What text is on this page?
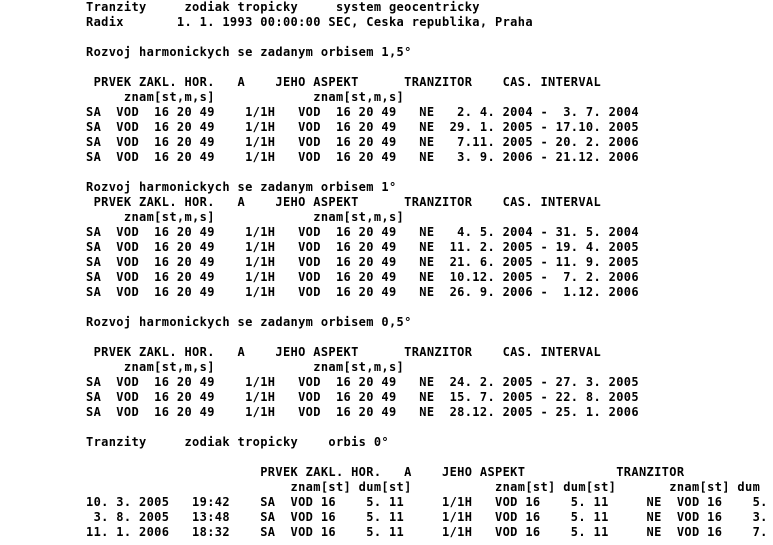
Tranzity     zodiak tropicky     system geocentricky
Radix       1. 1. 1993 00:00:00 SEC, Ceska republika, Praha
Rozvoj harmonickych se zadanym orbisem 1,5°
PRVEK ZAKL. HOR.   A    JEHO ASPEKT      TRANZITOR    CAS. INTERVAL
znam[st,m,s]             znam[st,m,s]
SA  VOD  16 20 49    1/1H   VOD  16 20 49   NE   2. 4. 2004 -  3. 7. 2004
SA  VOD  16 20 49    1/1H   VOD  16 20 49   NE  29. 1. 2005 - 17.10. 2005
SA  VOD  16 20 49    1/1H   VOD  16 20 49   NE   7.11. 2005 - 20. 2. 2006
SA  VOD  16 20 49    1/1H   VOD  16 20 49   NE   3. 9. 2006 - 21.12. 2006
Rozvoj harmonickych se zadanym orbisem 1°
PRVEK ZAKL. HOR.   A    JEHO ASPEKT      TRANZITOR    CAS. INTERVAL
znam[st,m,s]             znam[st,m,s]
SA  VOD  16 20 49    1/1H   VOD  16 20 49   NE   4. 5. 2004 - 31. 5. 2004
SA  VOD  16 20 49    1/1H   VOD  16 20 49   NE  11. 2. 2005 - 19. 4. 2005
SA  VOD  16 20 49    1/1H   VOD  16 20 49   NE  21. 6. 2005 - 11. 9. 2005
SA  VOD  16 20 49    1/1H   VOD  16 20 49   NE  10.12. 2005 -  7. 2. 2006
SA  VOD  16 20 49    1/1H   VOD  16 20 49   NE  26. 9. 2006 -  1.12. 2006
Rozvoj harmonickych se zadanym orbisem 0,5°
PRVEK ZAKL. HOR.   A    JEHO ASPEKT      TRANZITOR    CAS. INTERVAL
znam[st,m,s]             znam[st,m,s]
SA  VOD  16 20 49    1/1H   VOD  16 20 49   NE  24. 2. 2005 - 27. 3. 2005
SA  VOD  16 20 49    1/1H   VOD  16 20 49   NE  15. 7. 2005 - 22. 8. 2005
SA  VOD  16 20 49    1/1H   VOD  16 20 49   NE  28.12. 2005 - 25. 1. 2006
Tranzity     zodiak tropicky    orbis 0°
PRVEK ZAKL. HOR.   A    JEHO ASPEKT            TRANZITOR
znam[st] dum[st]           znam[st] dum[st]       znam[st] dum
10. 3. 2005   19:42    SA  VOD 16    5. 11     1/1H   VOD 16    5. 11     NE  VOD 16    5.
3. 8. 2005   13:48    SA  VOD 16    5. 11     1/1H   VOD 16    5. 11     NE  VOD 16    3.
11. 1. 2006   18:32    SA  VOD 16    5. 11     1/1H   VOD 16    5. 11     NE  VOD 16    7.
